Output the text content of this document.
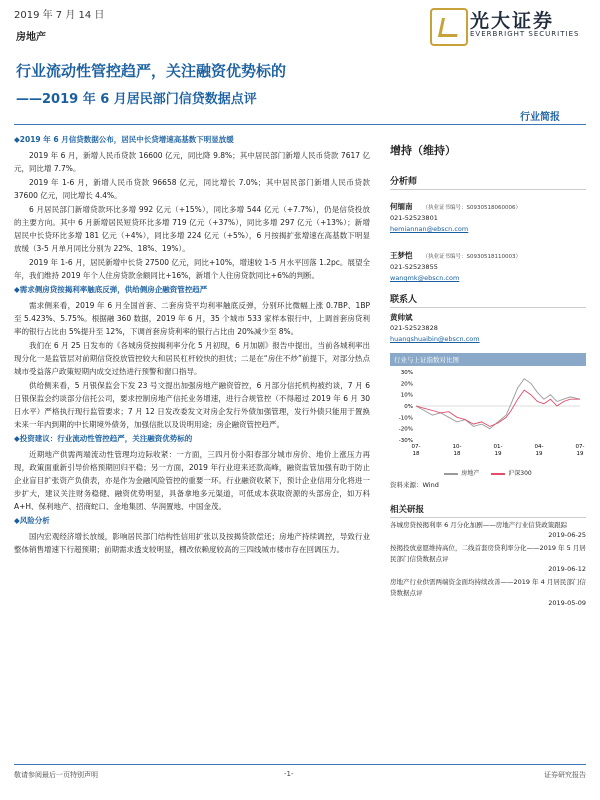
2019 年 7 月 14 日
房地产
光大证券
EVERBRIGHT SECURITIES
行业流动性管控趋严，关注融资优势标的
——2019 年 6 月居民部门信贷数据点评
行业简报
◆2019 年 6 月信贷数据公布，居民中长贷增速高基数下明显放缓

2019 年 6 月，新增人民币贷款 16600 亿元，同比降 9.8%；其中居民部门新增人民币贷款 7617 亿元，同比增 7.7%。

2019 年 1-6 月，新增人民币贷款 96658 亿元，同比增长 7.0%；其中居民部门新增人民币贷款 37600 亿元，同比增长 4.4%。

6 月居民部门新增贷款环比多增 992 亿元（+15%），同比多增 544 亿元（+7.7%），仍是信贷投放的主要方向。其中 6 月新增居民短贷环比多增 719 亿元（+37%），同比多增 297 亿元（+13%）；新增居民中长贷环比多增 181 亿元（+4%），同比多增 224 亿元（+5%），6 月按揭扩张增速在高基数下明显放缓（3-5 月单月同比分别为 22%、18%、19%）。

2019 年 1-6 月，居民新增中长贷 27500 亿元，同比+10%，增速较 1-5 月水平回落 1.2pc。展望全年，我们维持 2019 年个人住房贷款余额同比+16%，新增个人住房贷款同比+6%的判断。

◆需求侧房贷按揭利率触底反弹，供给侧房企融资管控趋严

需求侧来看，2019 年 6 月全国首套、二套房贷平均利率触底反弹，分别环比微幅上涨 0.7BP、1BP 至 5.423%、5.75%。根据融 360 数据，2019 年 6 月，35 个城市 533 家样本银行中，上调首套房贷利率的银行占比由 5%提升至 12%，下调首套房贷利率的银行占比由 20%减少至 8%。

我们在 6 月 25 日发布的《各城房贷按揭利率分化 5 月初现，6 月加剧》报告中提出，当前各城利率出现分化一是监管层对前期信贷投放管控较大和居民杠杆较快的担忧；二是在“房住不炒”前提下，对部分热点城市受益落户政策短期内成交过热进行预警和窗口指导。

供给侧来看，5 月银保监会下发 23 号文提出加强房地产融资管控，6 月部分信托机构被约谈，7 月 6 日银保监会约谈部分信托公司，要求控制房地产信托业务增速，进行合规管控（不得超过 2019 年 6 月 30 日水平）严格执行现行监管要求；7 月 12 日发改委发文对房企发行外债加强管理，发行外债只能用于置换未来一年内到期的中长期境外债务，加强信批以及说明用途；房企融资管控趋严。

◆投资建议：行业流动性管控趋严，关注融资优势标的

近期地产供需两端流动性管理均边际收紧：一方面，三四月份小阳春部分城市房价、地价上涨压力再现，政策面重新引导价格预期回归平稳；另一方面，2019 年行业迎来还款高峰，融资监管加强有助于防止企业盲目扩张资产负债表，亦是作为金融风险管控的重要一环。行业融资收紧下，预计企业信用分化将进一步扩大，建议关注财务稳健、融资优势明显，具备拿地多元渠道，可低成本获取资源的头部房企，如万科 A+H、保利地产、招商蛇口、金地集团、华润置地、中国金茂。

◆风险分析

国内宏观经济增长放缓，影响居民部门结构性信用扩张以及按揭贷款偿还；房地产持续调控，导致行业整体销售增速下行超预期；前期需求透支较明显，棚改依赖度较高的三四线城市楼市存在回调压力。

增持（维持）
分析师
何缅南 （执业证书编号：S0930518060006）
021-52523801
hemiannan@ebscn.com
王梦恺 （执业证书编号：S0930518110003）
021-52523855
wangmk@ebscn.com
联系人
黄帅斌
021-52523828
huangshuaibin@ebscn.com
行业与上证指数对比图
30%
20%
10%
0%
-10%
-20%
-30%
07-
18
10-
18
01-
19
04-
19
07-
19
房地产	沪深300
资料来源：Wind
相关研报
各城房贷按揭利率 6 月分化加剧——房地产行业信贷政策跟踪
2019-06-25
按揭投放意愿维持高位，二线首套房贷利率分化——2019 年 5 月居民部门信贷数据点评
2019-06-12
房地产行业供需两端资金面均持续改善——2019 年 4 月居民部门信贷数据点评
2019-05-09
敬请参阅最后一页特别声明	-1-	证券研究报告
